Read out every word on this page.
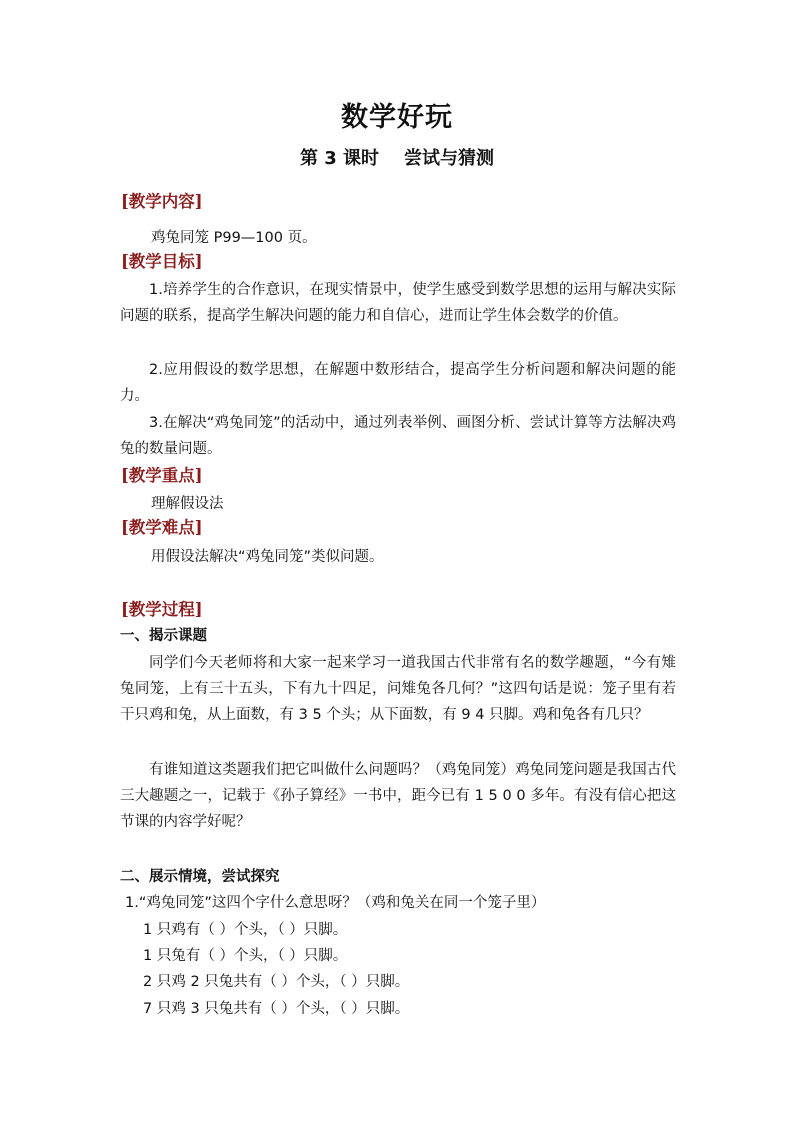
数学好玩
第 3 课时    尝试与猜测
[教学内容]
鸡兔同笼 P99—100 页。
[教学目标]
1.培养学生的合作意识，在现实情景中，使学生感受到数学思想的运用与解决实际问题的联系，提高学生解决问题的能力和自信心，进而让学生体会数学的价值。
2.应用假设的数学思想，在解题中数形结合，提高学生分析问题和解决问题的能力。
3.在解决“鸡兔同笼”的活动中，通过列表举例、画图分析、尝试计算等方法解决鸡兔的数量问题。
[教学重点]
理解假设法
[教学难点]
用假设法解决“鸡兔同笼”类似问题。
[教学过程]
一、揭示课题
同学们今天老师将和大家一起来学习一道我国古代非常有名的数学趣题，“今有雉兔同笼，上有三十五头，下有九十四足，问雉兔各几何？”这四句话是说：笼子里有若干只鸡和兔，从上面数，有 3 5 个头；从下面数，有 9 4 只脚。鸡和兔各有几只？
有谁知道这类题我们把它叫做什么问题吗？（鸡兔同笼）鸡兔同笼问题是我国古代三大趣题之一，记载于《孙子算经》一书中，距今已有 1 5 0 0 多年。有没有信心把这节课的内容学好呢？
二、展示情境，尝试探究
1.“鸡兔同笼”这四个字什么意思呀？（鸡和兔关在同一个笼子里）
1 只鸡有（ ）个头，（ ）只脚。
1 只兔有（ ）个头，（ ）只脚。
2 只鸡 2 只兔共有（ ）个头，（ ）只脚。
7 只鸡 3 只兔共有（ ）个头，（ ）只脚。
